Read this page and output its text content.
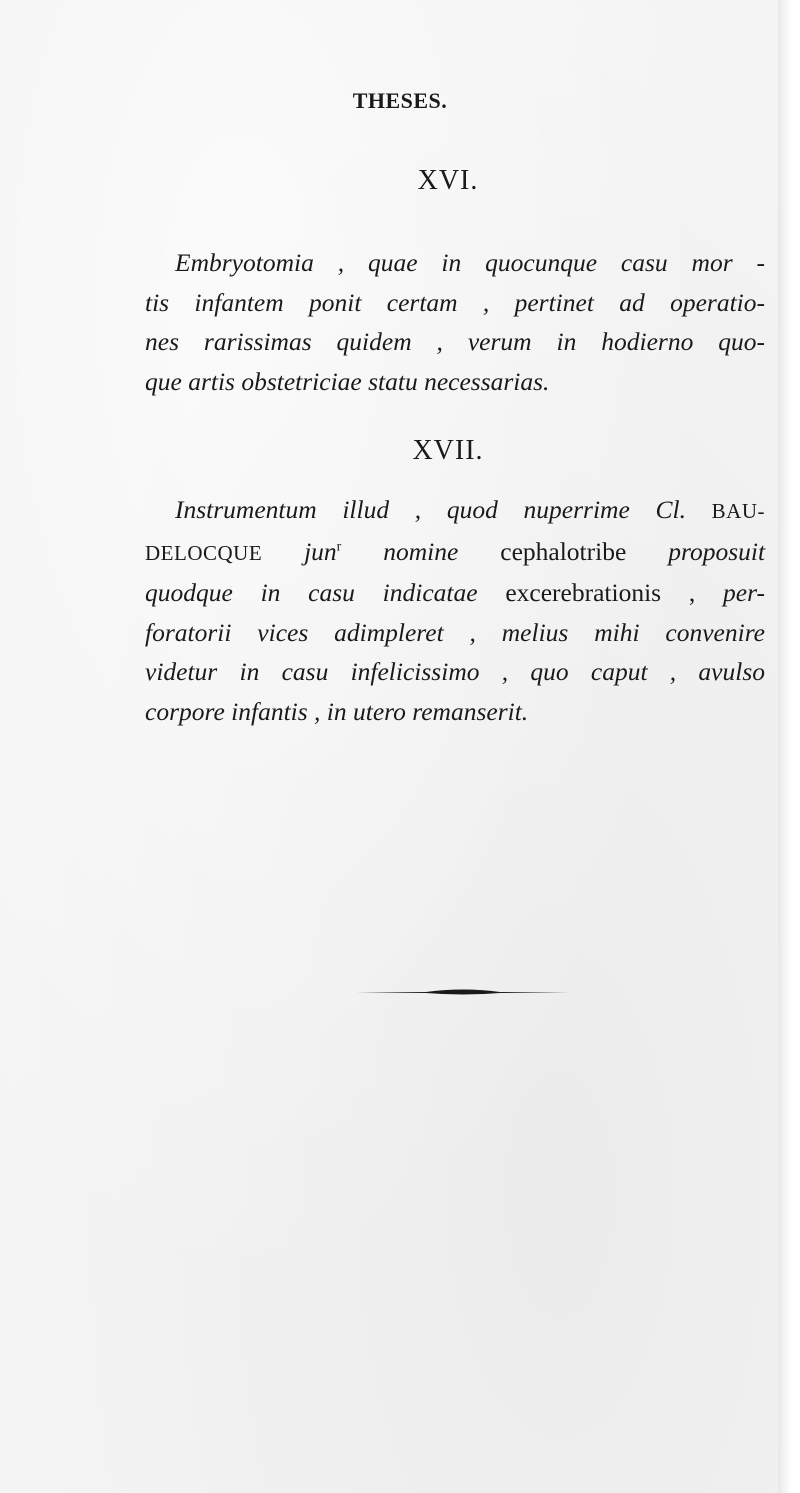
THESES.
XVI.
Embryotomia , quae in quocunque casu mor -
tis infantem ponit certam , pertinet ad operatio-
nes rarissimas quidem , verum in hodierno quo-
que artis obstetriciae statu necessarias.
XVII.
Instrumentum illud , quod nuperrime Cl. BAU-
DELOCQUE jun$^r$ nomine cephalotribe proposuit
quodque in casu indicatae excerebrationis , per-
foratorii vices adimpleret , melius mihi convenire
videtur in casu infelicissimo , quo caput , avulso
corpore infantis , in utero remanserit.
